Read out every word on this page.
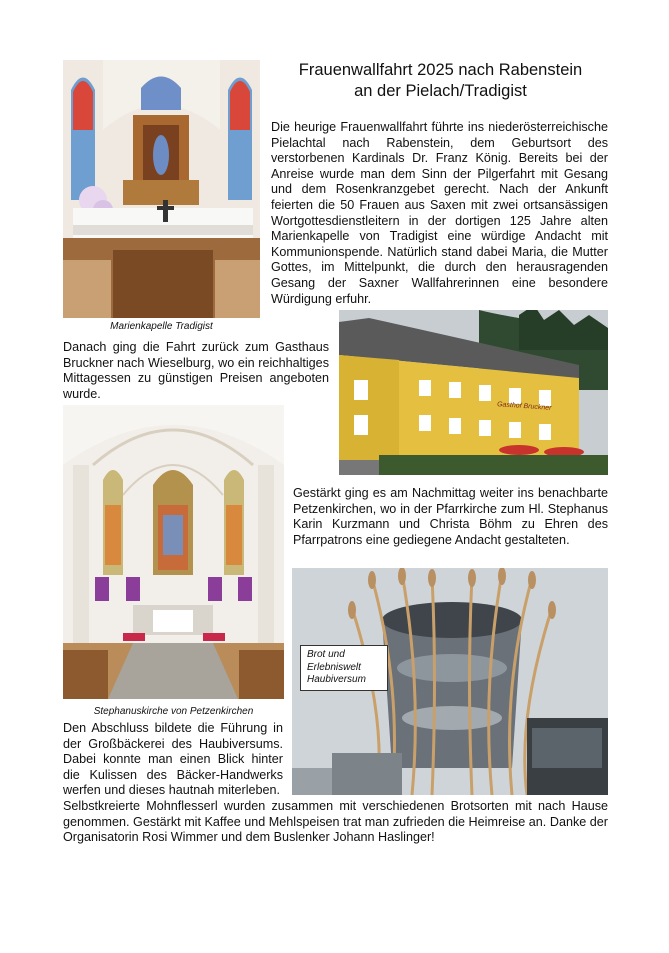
Frauenwallfahrt 2025 nach Rabenstein
an der Pielach/Tradigist
Marienkapelle Tradigist
Die heurige Frauenwallfahrt führte ins niederösterreichische Pielachtal nach Rabenstein, dem Geburtsort des verstorbenen Kardinals Dr. Franz König. Bereits bei der Anreise wurde man dem Sinn der Pilgerfahrt mit Gesang und dem Rosenkranzgebet gerecht. Nach der Ankunft feierten die 50 Frauen aus Saxen mit zwei ortsansässigen Wortgottesdienstleitern in der dortigen 125 Jahre alten Marienkapelle von Tradigist eine würdige Andacht mit Kommunionspende. Natürlich stand dabei Maria, die Mutter Gottes, im Mittelpunkt, die durch den herausragenden Gesang der Saxner Wallfahrerinnen eine besondere Würdigung erfuhr.
Gasthof Bruckner
Danach ging die Fahrt zurück zum Gasthaus Bruckner nach Wieselburg, wo ein reichhaltiges Mittagessen zu günstigen Preisen angeboten wurde.
Stephanuskirche von Petzenkirchen
Gestärkt ging es am Nachmittag weiter ins benachbarte Petzenkirchen, wo in der Pfarrkirche zum Hl. Stephanus Karin Kurzmann und Christa Böhm zu Ehren des Pfarrpatrons eine gediegene Andacht gestalteten.
Brot und
Erlebniswelt
Haubiversum
Den Abschluss bildete die Führung in der Großbäckerei des Haubiversums. Dabei konnte man einen Blick hinter die Kulissen des Bäcker-Handwerks werfen und dieses hautnah miterleben.
Selbstkreierte Mohnflesserl wurden zusammen mit verschiedenen Brotsorten mit nach Hause genommen. Gestärkt mit Kaffee und Mehlspeisen trat man zufrieden die Heimreise an. Danke der Organisatorin Rosi Wimmer und dem Buslenker Johann Haslinger!
